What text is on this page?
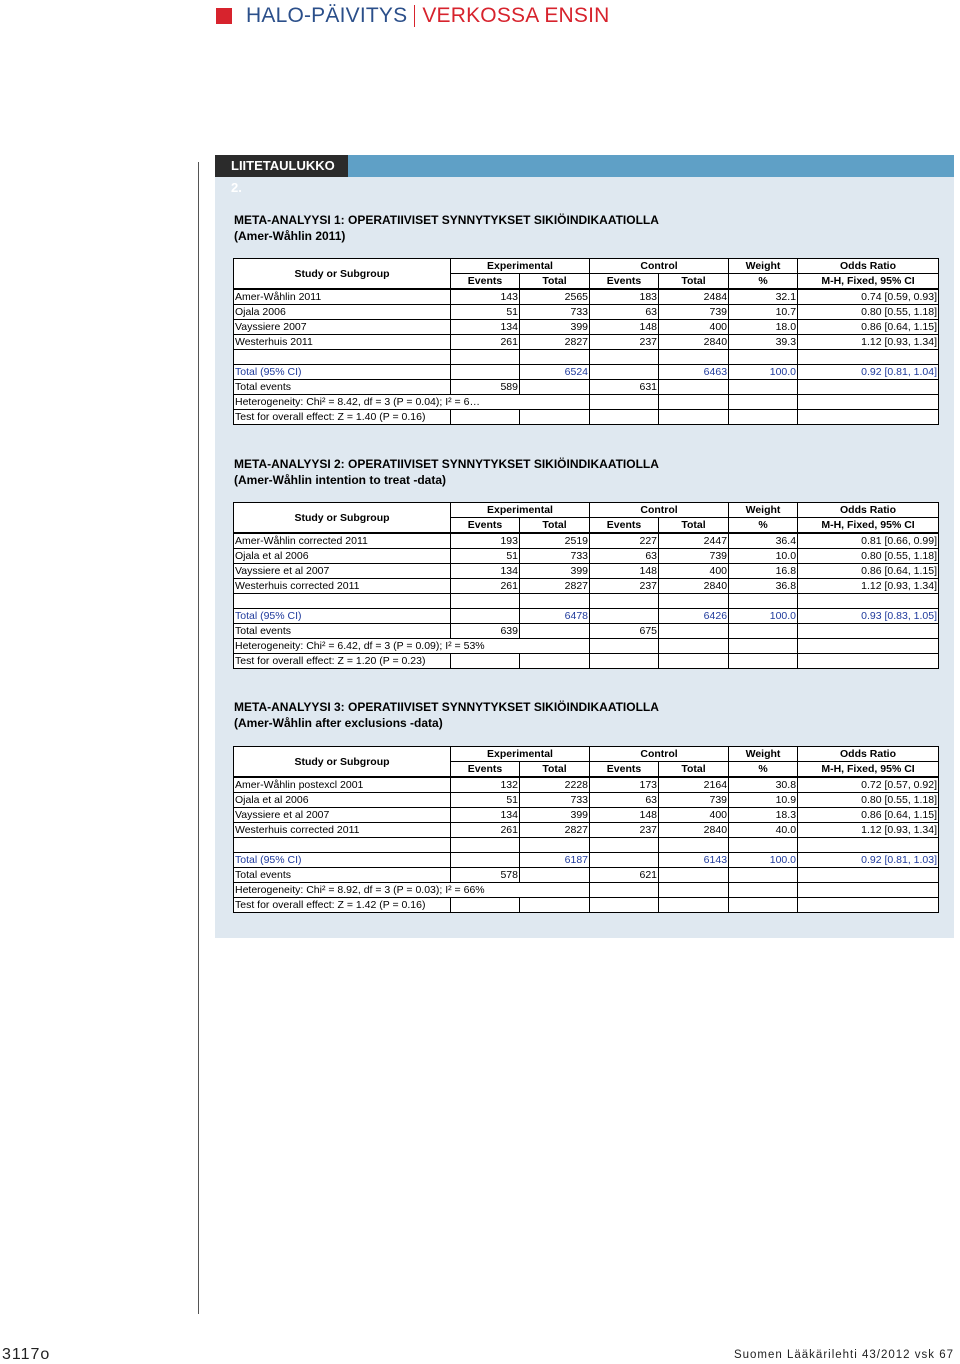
HALO-PÄIVITYS VERKOSSA ENSIN
LIITETAULUKKO 2.
META-ANALYYSI 1: OPERATIIVISET SYNNYTYKSET SIKIÖINDIKAATIOLLA
(Amer-Wåhlin 2011)
Study or Subgroup	Experimental		Control		Weight	Odds Ratio
	Events	Total	Events	Total	%	M-H, Fixed, 95% CI
Amer-Wåhlin 2011	143	2565	183	2484	32.1	0.74 [0.59, 0.93]
Ojala 2006	51	733	63	739	10.7	0.80 [0.55, 1.18]
Vayssiere 2007	134	399	148	400	18.0	0.86 [0.64, 1.15]
Westerhuis 2011	261	2827	237	2840	39.3	1.12 [0.93, 1.34]

Total (95% CI)		6524		6463	100.0	0.92 [0.81, 1.04]
Total events	589		631			
Heterogeneity: Chi² = 8.42, df = 3 (P = 0.04); I² = 6…						
Test for overall effect: Z = 1.40 (P = 0.16)						
META-ANALYYSI 2: OPERATIIVISET SYNNYTYKSET SIKIÖINDIKAATIOLLA
(Amer-Wåhlin intention to treat -data)
Study or Subgroup	Experimental		Control		Weight	Odds Ratio
	Events	Total	Events	Total	%	M-H, Fixed, 95% CI
Amer-Wåhlin corrected 2011	193	2519	227	2447	36.4	0.81 [0.66, 0.99]
Ojala et al 2006	51	733	63	739	10.0	0.80 [0.55, 1.18]
Vayssiere et al 2007	134	399	148	400	16.8	0.86 [0.64, 1.15]
Westerhuis corrected 2011	261	2827	237	2840	36.8	1.12 [0.93, 1.34]

Total (95% CI)		6478		6426	100.0	0.93 [0.83, 1.05]
Total events	639		675			
Heterogeneity: Chi² = 6.42, df = 3 (P = 0.09); I² = 53%						
Test for overall effect: Z = 1.20 (P = 0.23)						
META-ANALYYSI 3: OPERATIIVISET SYNNYTYKSET SIKIÖINDIKAATIOLLA
(Amer-Wåhlin after exclusions -data)
Study or Subgroup	Experimental		Control		Weight	Odds Ratio
	Events	Total	Events	Total	%	M-H, Fixed, 95% CI
Amer-Wåhlin postexcl 2001	132	2228	173	2164	30.8	0.72 [0.57, 0.92]
Ojala et al 2006	51	733	63	739	10.9	0.80 [0.55, 1.18]
Vayssiere et al 2007	134	399	148	400	18.3	0.86 [0.64, 1.15]
Westerhuis corrected 2011	261	2827	237	2840	40.0	1.12 [0.93, 1.34]

Total (95% CI)		6187		6143	100.0	0.92 [0.81, 1.03]
Total events	578		621			
Heterogeneity: Chi² = 8.92, df = 3 (P = 0.03); I² = 66%						
Test for overall effect: Z = 1.42 (P = 0.16)						
3117o	Suomen Lääkärilehti 43/2012 vsk 67
